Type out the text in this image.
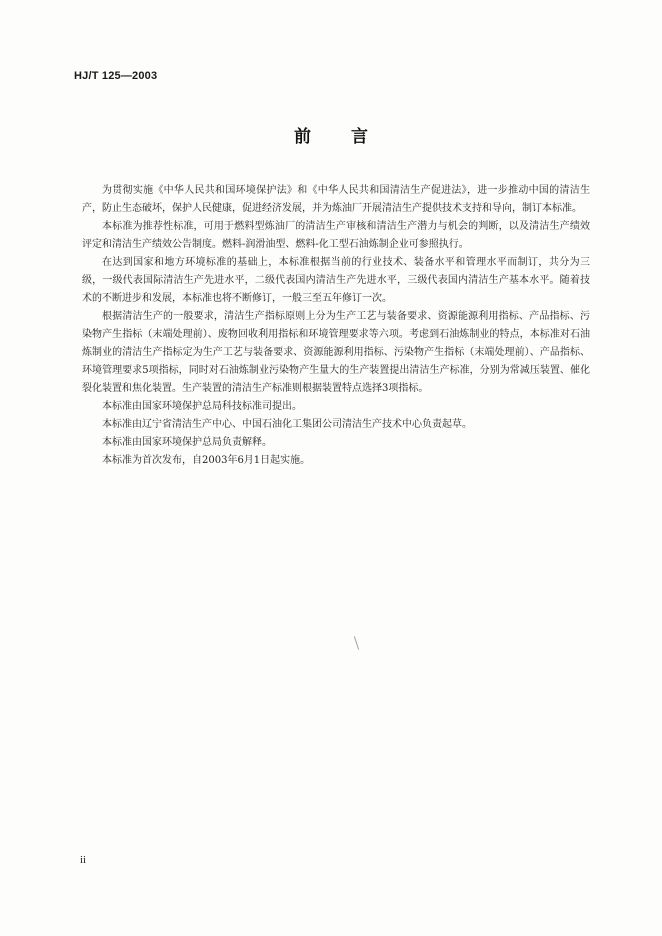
HJ/T 125—2003
前言

为贯彻实施《中华人民共和国环境保护法》和《中华人民共和国清洁生产促进法》，进一步推动中国的清洁生产，防止生态破坏，保护人民健康，促进经济发展，并为炼油厂开展清洁生产提供技术支持和导向，制订本标准。

本标准为推荐性标准，可用于燃料型炼油厂的清洁生产审核和清洁生产潜力与机会的判断，以及清洁生产绩效评定和清洁生产绩效公告制度。燃料-润滑油型、燃料-化工型石油炼制企业可参照执行。

在达到国家和地方环境标准的基础上，本标准根据当前的行业技术、装备水平和管理水平而制订，共分为三级，一级代表国际清洁生产先进水平，二级代表国内清洁生产先进水平，三级代表国内清洁生产基本水平。随着技术的不断进步和发展，本标准也将不断修订，一般三至五年修订一次。

根据清洁生产的一般要求，清洁生产指标原则上分为生产工艺与装备要求、资源能源利用指标、产品指标、污染物产生指标（末端处理前）、废物回收利用指标和环境管理要求等六项。考虑到石油炼制业的特点，本标准对石油炼制业的清洁生产指标定为生产工艺与装备要求、资源能源利用指标、污染物产生指标（末端处理前）、产品指标、环境管理要求5项指标，同时对石油炼制业污染物产生量大的生产装置提出清洁生产标准，分别为常减压装置、催化裂化装置和焦化装置。生产装置的清洁生产标准则根据装置特点选择3项指标。

本标准由国家环境保护总局科技标准司提出。

本标准由辽宁省清洁生产中心、中国石油化工集团公司清洁生产技术中心负责起草。

本标准由国家环境保护总局负责解释。

本标准为首次发布，自2003年6月1日起实施。

ii
